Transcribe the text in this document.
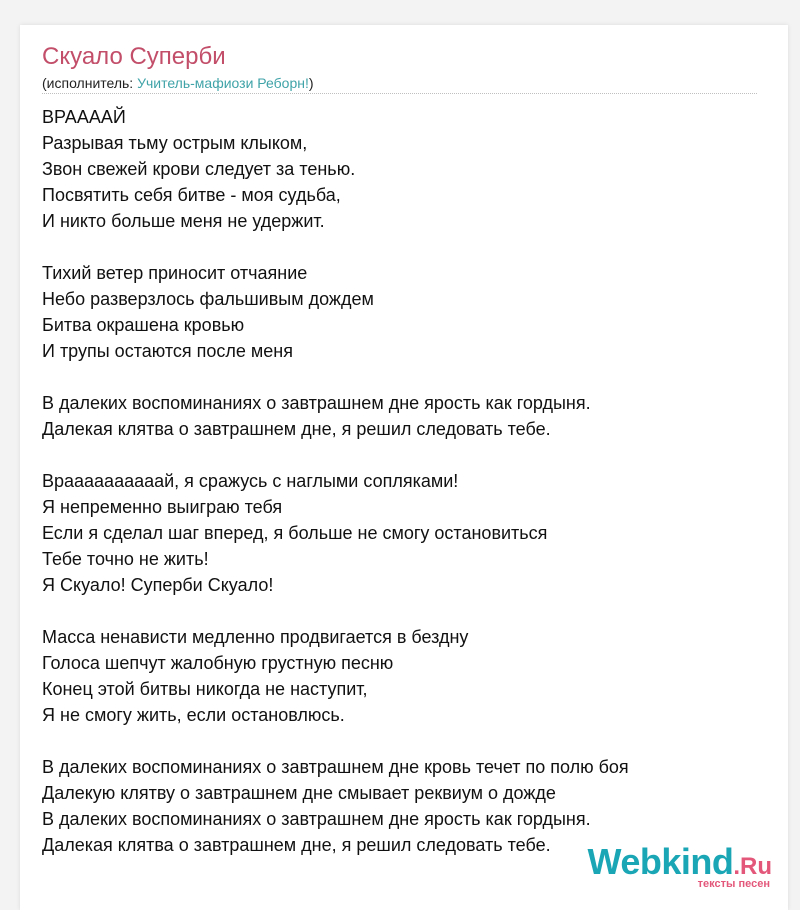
Скуало Суперби
(исполнитель: Учитель-мафиози Реборн!)
ВРААААЙ
Разрывая тьму острым клыком,
Звон свежей крови следует за тенью.
Посвятить себя битве - моя судьба,
И никто больше меня не удержит.
Тихий ветер приносит отчаяние
Небо разверзлось фальшивым дождем
Битва окрашена кровью
И трупы остаются после меня
В далеких воспоминаниях о завтрашнем дне ярость как гордыня.
Далекая клятва о завтрашнем дне, я решил следовать тебе.
Враааааааааай, я сражусь с наглыми сопляками!
Я непременно выиграю тебя
Если я сделал шаг вперед, я больше не смогу остановиться
Тебе точно не жить!
Я Скуало! Суперби Скуало!
Масса ненависти медленно продвигается в бездну
Голоса шепчут жалобную грустную песню
Конец этой битвы никогда не наступит,
Я не смогу жить, если остановлюсь.
В далеких воспоминаниях о завтрашнем дне кровь течет по полю боя
Далекую клятву о завтрашнем дне смывает реквиум о дожде
В далеких воспоминаниях о завтрашнем дне ярость как гордыня.
Далекая клятва о завтрашнем дне, я решил следовать тебе.	Webkind.Ru
тексты песен
